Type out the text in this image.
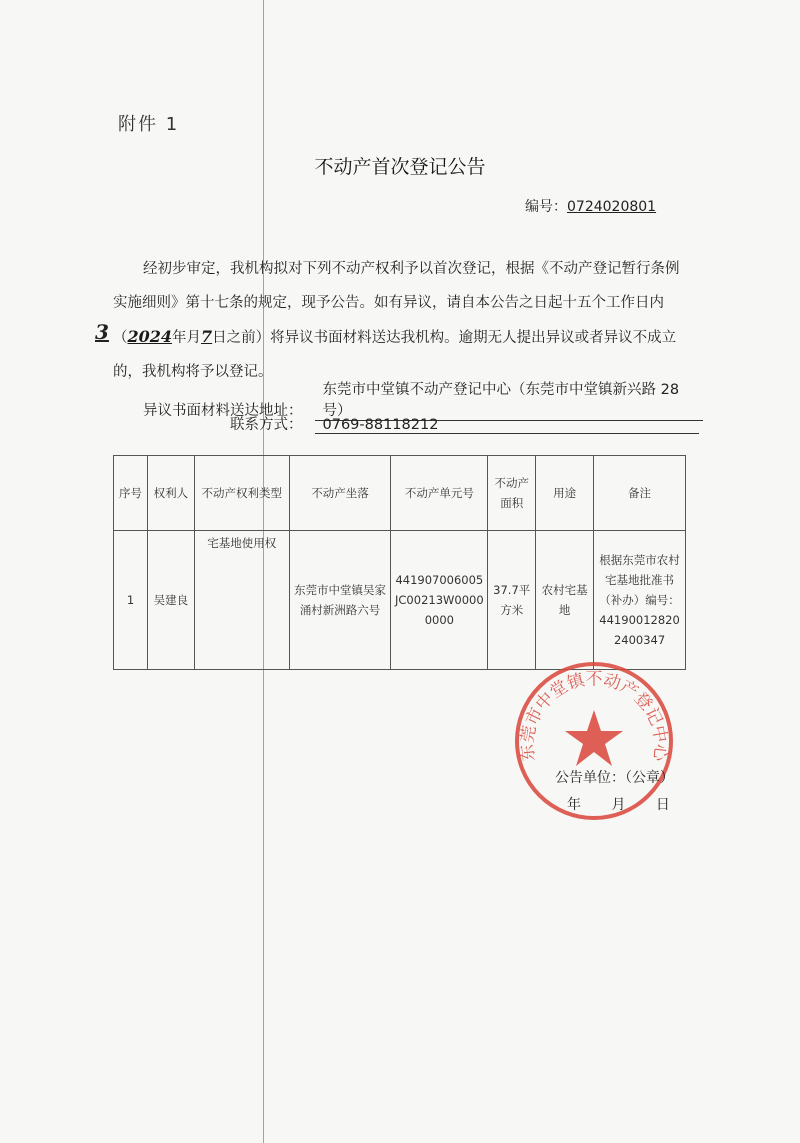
附件 1
不动产首次登记公告
编号：0724020801

经初步审定，我机构拟对下列不动产权利予以首次登记，根据《不动产登记暂行条例实施细则》第十七条的规定，现予公告。如有异议，请自本公告之日起十五个工作日内（2024年月7日之前）将异议书面材料送达我机构。逾期无人提出异议或者异议不成立的，我机构将予以登记。

3
异议书面材料送达地址：东莞市中堂镇不动产登记中心（东莞市中堂镇新兴路 28 号）
联系方式： 0769-88118212
序号	权利人	不动产权利类型	不动产坐落	不动产单元号	不动产面积	用途	备注
1	吴建良	宅基地使用权	东莞市中堂镇吴家涌村新洲路六号	441907006005JC00213W00000000	37.7平方米	农村宅基地	根据东莞市农村宅基地批准书（补办）编号：441900128202400347
东莞市中堂镇不动产登记中心
公告单位：（公章）
年 月 日
